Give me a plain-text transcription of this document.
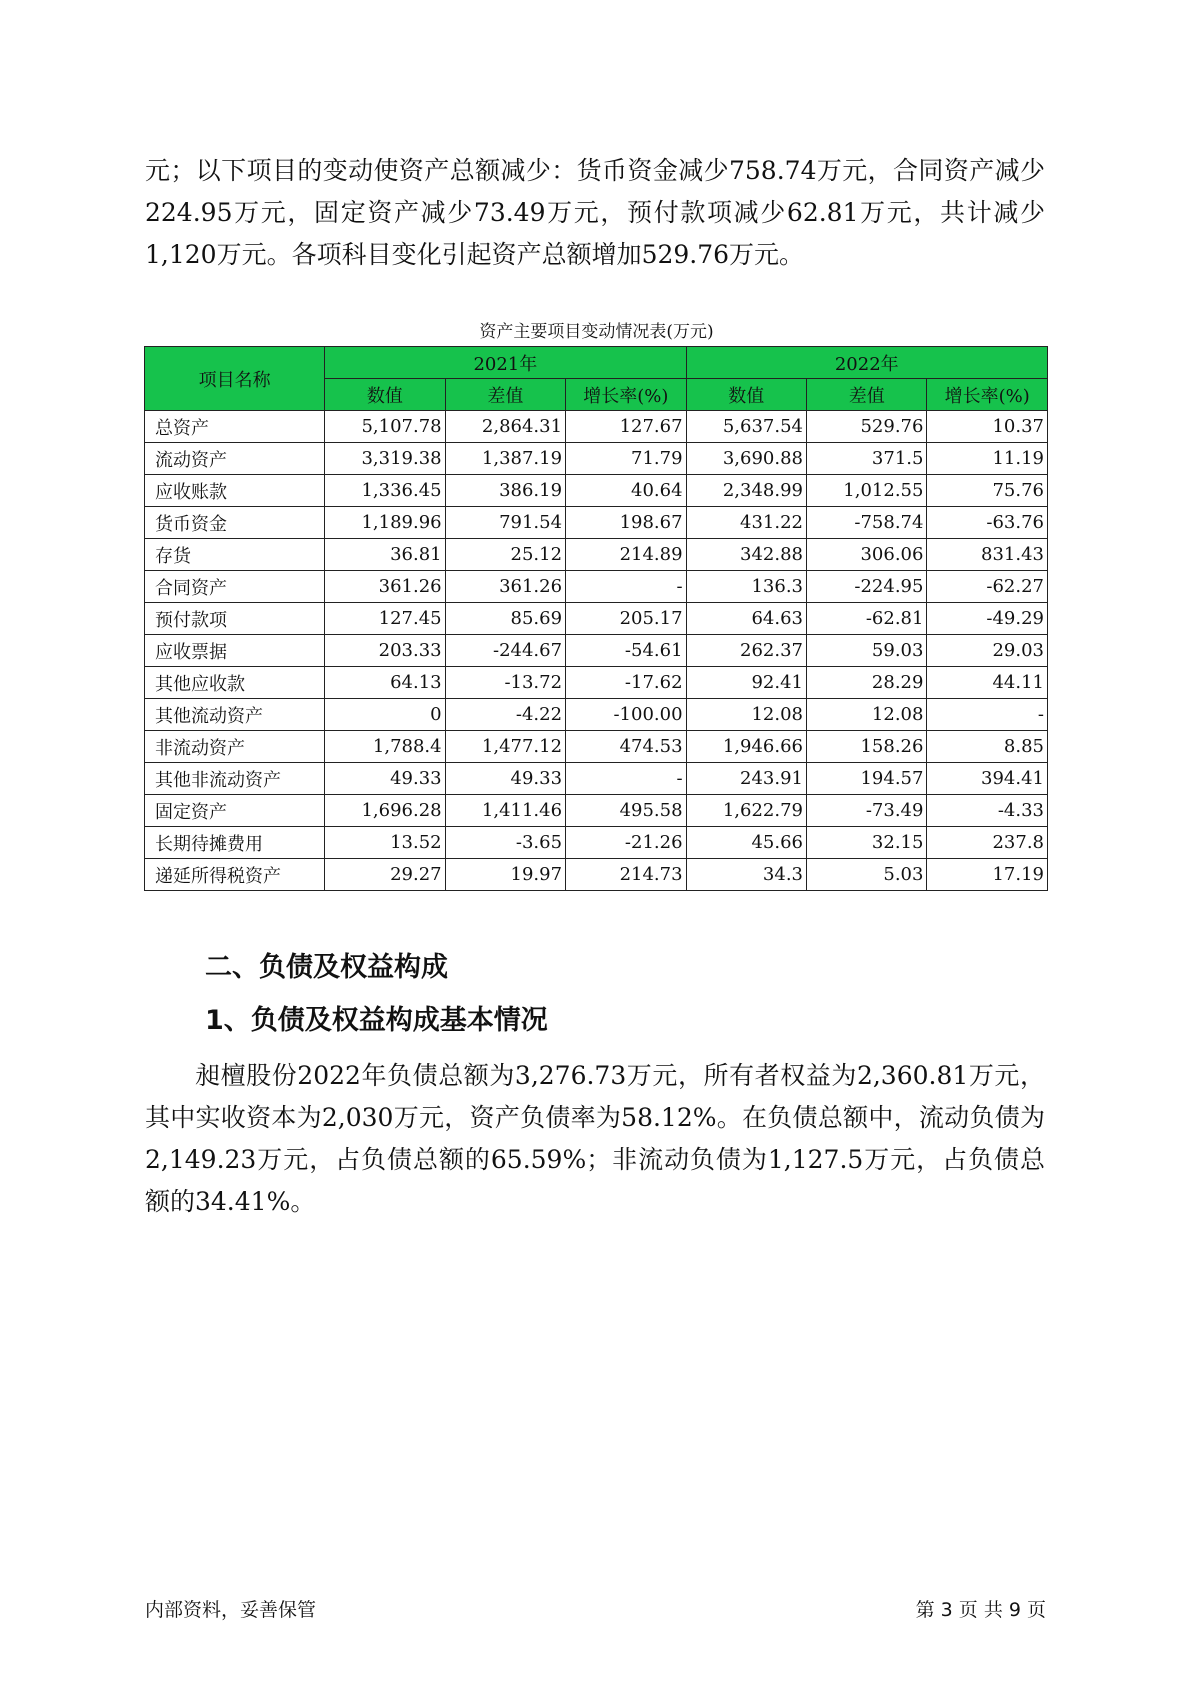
元；以下项目的变动使资产总额减少：货币资金减少758.74万元，合同资产减少224.95万元，固定资产减少73.49万元，预付款项减少62.81万元，共计减少1,120万元。各项科目变化引起资产总额增加529.76万元。

资产主要项目变动情况表(万元)
项目名称	2021年			2022年		
	数值	差值	增长率(%)	数值	差值	增长率(%)
总资产	5,107.78	2,864.31	127.67	5,637.54	529.76	10.37
流动资产	3,319.38	1,387.19	71.79	3,690.88	371.5	11.19
应收账款	1,336.45	386.19	40.64	2,348.99	1,012.55	75.76
货币资金	1,189.96	791.54	198.67	431.22	-758.74	-63.76
存货	36.81	25.12	214.89	342.88	306.06	831.43
合同资产	361.26	361.26	-	136.3	-224.95	-62.27
预付款项	127.45	85.69	205.17	64.63	-62.81	-49.29
应收票据	203.33	-244.67	-54.61	262.37	59.03	29.03
其他应收款	64.13	-13.72	-17.62	92.41	28.29	44.11
其他流动资产	0	-4.22	-100.00	12.08	12.08	-
非流动资产	1,788.4	1,477.12	474.53	1,946.66	158.26	8.85
其他非流动资产	49.33	49.33	-	243.91	194.57	394.41
固定资产	1,696.28	1,411.46	495.58	1,622.79	-73.49	-4.33
长期待摊费用	13.52	-3.65	-21.26	45.66	32.15	237.8
递延所得税资产	29.27	19.97	214.73	34.3	5.03	17.19
二、负债及权益构成
1、负债及权益构成基本情况

昶檀股份2022年负债总额为3,276.73万元，所有者权益为2,360.81万元，其中实收资本为2,030万元，资产负债率为58.12%。在负债总额中，流动负债为2,149.23万元，占负债总额的65.59%；非流动负债为1,127.5万元，占负债总额的34.41%。

内部资料，妥善保管	第 3 页 共 9 页
